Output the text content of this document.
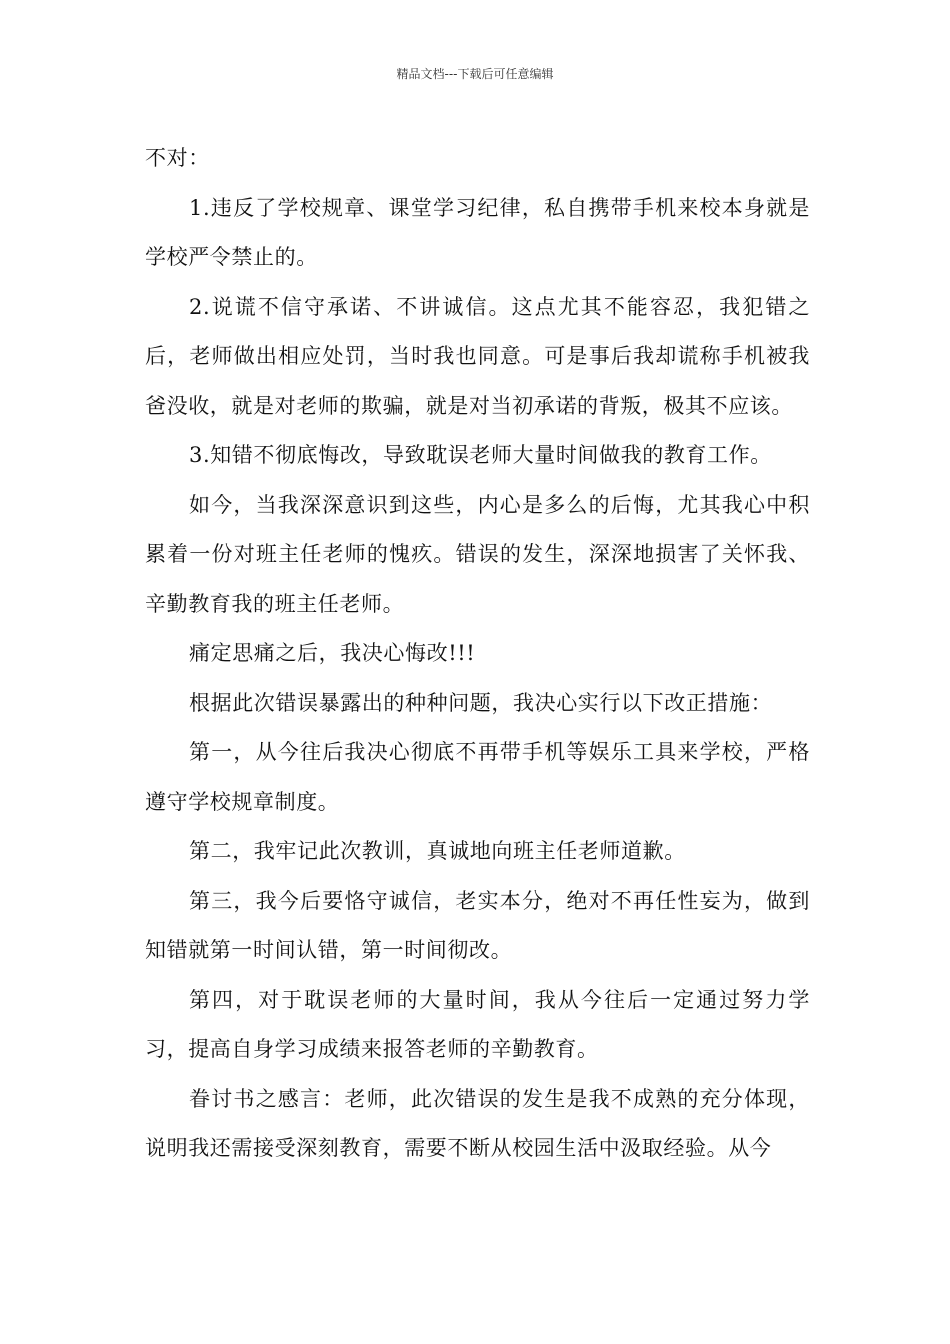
精品文档---下载后可任意编辑

不对：

1.违反了学校规章、课堂学习纪律，私自携带手机来校本身就是学校严令禁止的。

2.说谎不信守承诺、不讲诚信。这点尤其不能容忍，我犯错之后，老师做出相应处罚，当时我也同意。可是事后我却谎称手机被我爸没收，就是对老师的欺骗，就是对当初承诺的背叛，极其不应该。

3.知错不彻底悔改，导致耽误老师大量时间做我的教育工作。

如今，当我深深意识到这些，内心是多么的后悔，尤其我心中积累着一份对班主任老师的愧疚。错误的发生，深深地损害了关怀我、辛勤教育我的班主任老师。

痛定思痛之后，我决心悔改!!!

根据此次错误暴露出的种种问题，我决心实行以下改正措施：

第一，从今往后我决心彻底不再带手机等娱乐工具来学校，严格遵守学校规章制度。

第二，我牢记此次教训，真诚地向班主任老师道歉。

第三，我今后要恪守诚信，老实本分，绝对不再任性妄为，做到知错就第一时间认错，第一时间彻改。

第四，对于耽误老师的大量时间，我从今往后一定通过努力学习，提高自身学习成绩来报答老师的辛勤教育。

眷讨书之感言：老师，此次错误的发生是我不成熟的充分体现，说明我还需接受深刻教育，需要不断从校园生活中汲取经验。从今
